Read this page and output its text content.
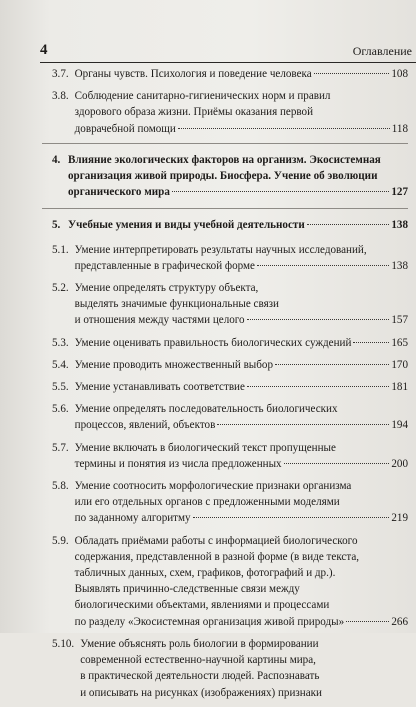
4	Оглавление
3.7. Органы чувств. Психология и поведение человека	108
3.8. Соблюдение санитарно-гигиенических норм и правил
здорового образа жизни. Приёмы оказания первой
доврачебной помощи	118
4. Влияние экологических факторов на организм. Экосистемная
организация живой природы. Биосфера. Учение об эволюции
органического мира	127
5. Учебные умения и виды учебной деятельности	138
5.1. Умение интерпретировать результаты научных исследований,
представленные в графической форме	138
5.2. Умение определять структуру объекта,
выделять значимые функциональные связи
и отношения между частями целого	157
5.3. Умение оценивать правильность биологических суждений	165
5.4. Умение проводить множественный выбор	170
5.5. Умение устанавливать соответствие	181
5.6. Умение определять последовательность биологических
процессов, явлений, объектов	194
5.7. Умение включать в биологический текст пропущенные
термины и понятия из числа предложенных	200
5.8. Умение соотносить морфологические признаки организма
или его отдельных органов с предложенными моделями
по заданному алгоритму	219
5.9. Обладать приёмами работы с информацией биологического
содержания, представленной в разной форме (в виде текста,
табличных данных, схем, графиков, фотографий и др.).
Выявлять причинно-следственные связи между
биологическими объектами, явлениями и процессами
по разделу «Экосистемная организация живой природы»	266
5.10. Умение объяснять роль биологии в формировании
современной естественно-научной картины мира,
в практической деятельности людей. Распознавать
и описывать на рисунках (изображениях) признаки
